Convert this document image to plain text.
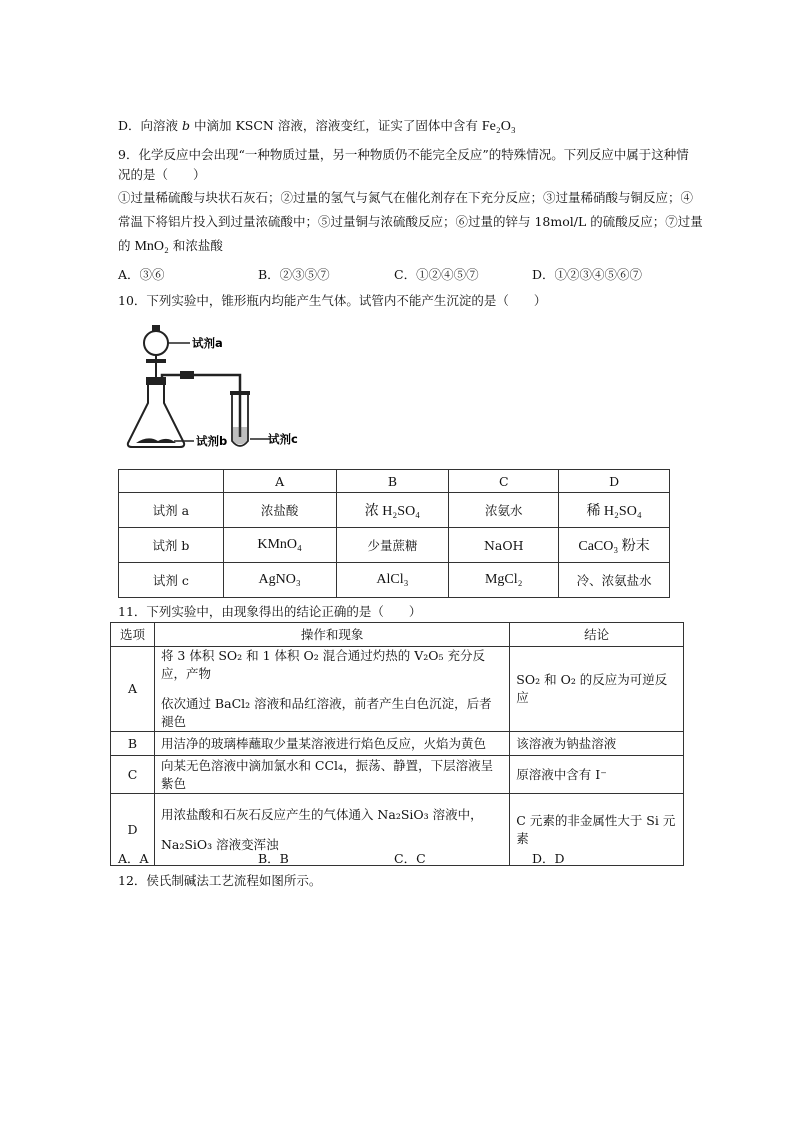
D．向溶液 b 中滴加 KSCN 溶液，溶液变红，证实了固体中含有 Fe₂O₃
9．化学反应中会出现“一种物质过量，另一种物质仍不能完全反应”的特殊情况。下列反应中属于这种情
况的是（　　）
①过量稀硫酸与块状石灰石；②过量的氢气与氮气在催化剂存在下充分反应；③过量稀硝酸与铜反应；④
常温下将铝片投入到过量浓硫酸中；⑤过量铜与浓硫酸反应；⑥过量的锌与 18mol/L 的硫酸反应；⑦过量
的 MnO₂ 和浓盐酸
A．③⑥	B．②③⑤⑦	C．①②④⑤⑦	D．①②③④⑤⑥⑦
10．下列实验中，锥形瓶内均能产生气体。试管内不能产生沉淀的是（　　）
试剂a
试剂b	试剂c
	A	B	C	D
试剂 a	浓盐酸	浓 H₂SO₄	浓氨水	稀 H₂SO₄
试剂 b	KMnO₄	少量蔗糖	NaOH	CaCO₃ 粉末
试剂 c	AgNO₃	AlCl₃	MgCl₂	冷、浓氨盐水
11．下列实验中，由现象得出的结论正确的是（　　）
选项	操作和现象	结论
A	将 3 体积 SO₂ 和 1 体积 O₂ 混合通过灼热的 V₂O₅ 充分反应，产物
依次通过 BaCl₂ 溶液和品红溶液，前者产生白色沉淀，后者褪色	SO₂ 和 O₂ 的反应为可逆反应
B	用洁净的玻璃棒蘸取少量某溶液进行焰色反应，火焰为黄色	该溶液为钠盐溶液
C	向某无色溶液中滴加氯水和 CCl₄，振荡、静置，下层溶液呈紫色	原溶液中含有 I⁻
D	用浓盐酸和石灰石反应产生的气体通入 Na₂SiO₃ 溶液中，
Na₂SiO₃ 溶液变浑浊	C 元素的非金属性大于 Si 元素
A．A	B．B	C．C	D．D
12．侯氏制碱法工艺流程如图所示。
